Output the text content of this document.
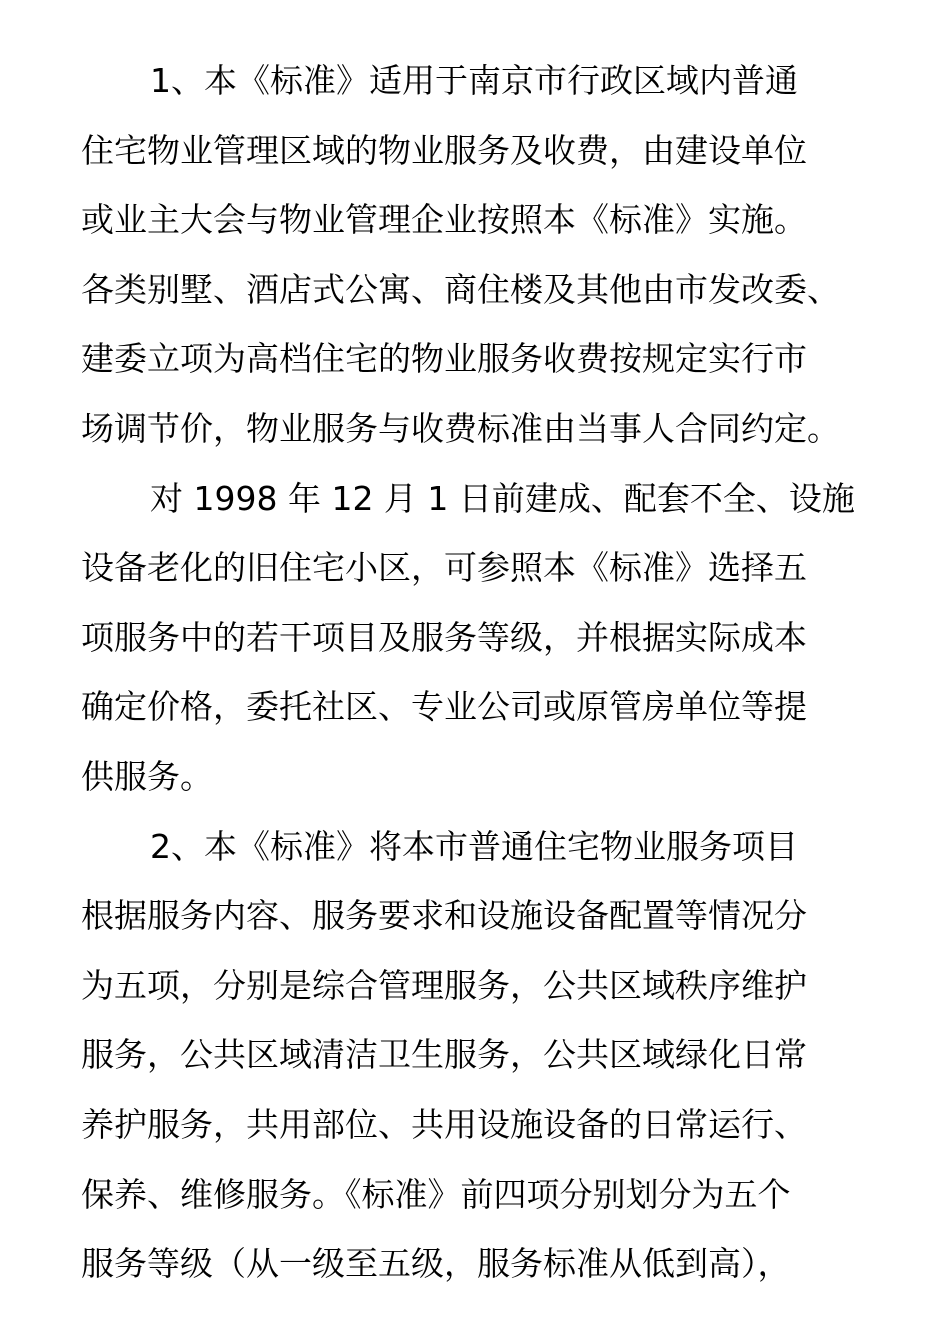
1、本《标准》适用于南京市行政区域内普通
住宅物业管理区域的物业服务及收费，由建设单位
或业主大会与物业管理企业按照本《标准》实施。
各类别墅、酒店式公寓、商住楼及其他由市发改委、
建委立项为高档住宅的物业服务收费按规定实行市
场调节价，物业服务与收费标准由当事人合同约定。
对 1998 年 12 月 1 日前建成、配套不全、设施
设备老化的旧住宅小区，可参照本《标准》选择五
项服务中的若干项目及服务等级，并根据实际成本
确定价格，委托社区、专业公司或原管房单位等提
供服务。
2、本《标准》将本市普通住宅物业服务项目
根据服务内容、服务要求和设施设备配置等情况分
为五项，分别是综合管理服务，公共区域秩序维护
服务，公共区域清洁卫生服务，公共区域绿化日常
养护服务，共用部位、共用设施设备的日常运行、
保养、维修服务。《标准》前四项分别划分为五个
服务等级（从一级至五级，服务标准从低到高），
